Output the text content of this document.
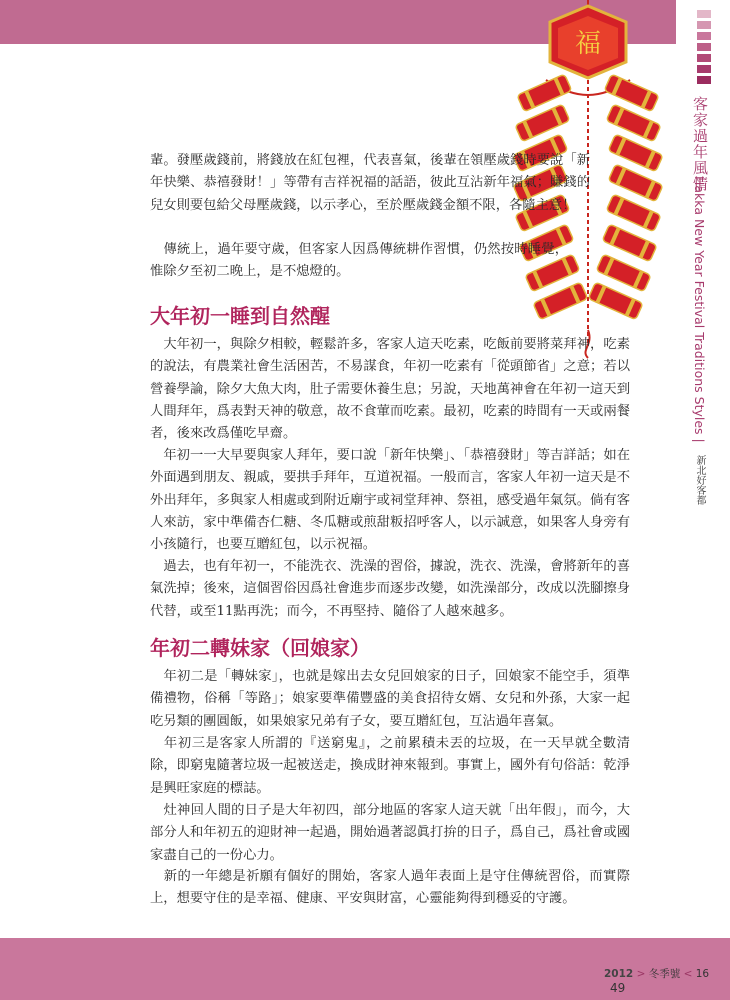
客家過年風情
Hakka New Year Festival Traditions Styles | 新北好客都
福

輩。發壓歲錢前，將錢放在紅包裡，代表喜氣，後輩在領壓歲錢時要說「新年快樂、恭禧發財！」等帶有吉祥祝福的話語，彼此互沾新年福氣；賺錢的兒女則要包給父母壓歲錢，以示孝心，至於壓歲錢金額不限，各隨主意！

　傳統上，過年要守歲，但客家人因爲傳統耕作習慣，仍然按時睡覺，惟除夕至初二晚上，是不熄燈的。

大年初一睡到自然醒

　大年初一，與除夕相較，輕鬆許多，客家人這天吃素，吃飯前要將菜拜神，吃素的說法，有農業社會生活困苦，不易謀食，年初一吃素有「從頭節省」之意；若以營養學論，除夕大魚大肉，肚子需要休養生息；另說，天地萬神會在年初一這天到人間拜年，爲表對天神的敬意，故不食葷而吃素。最初，吃素的時間有一天或兩餐者，後來改爲僅吃早齋。

　年初一一大早要與家人拜年，要口說「新年快樂」、「恭禧發財」等吉詳話；如在外面遇到朋友、親戚，要拱手拜年，互道祝福。一般而言，客家人年初一這天是不外出拜年，多與家人相處或到附近廟宇或祠堂拜神、祭祖，感受過年氣氛。倘有客人來訪，家中準備杏仁糖、冬瓜糖或煎甜粄招呼客人，以示誠意，如果客人身旁有小孩隨行，也要互贈紅包，以示祝福。

　過去，也有年初一，不能洗衣、洗澡的習俗，據說，洗衣、洗澡，會將新年的喜氣洗掉；後來，這個習俗因爲社會進步而逐步改變，如洗澡部分，改成以洗腳擦身代替，或至11點再洗；而今，不再堅持、隨俗了人越來越多。

年初二轉妹家（回娘家）

　年初二是「轉妹家」，也就是嫁出去女兒回娘家的日子，回娘家不能空手，須準備禮物，俗稱「等路」；娘家要準備豐盛的美食招待女婿、女兒和外孫，大家一起吃另類的團圓飯，如果娘家兄弟有子女，要互贈紅包，互沾過年喜氣。

　年初三是客家人所謂的『送窮鬼』，之前累積未丟的垃圾，在一天早就全數清除，即窮鬼隨著垃圾一起被送走，換成財神來報到。事實上，國外有句俗話：乾淨是興旺家庭的標誌。

　灶神回人間的日子是大年初四，部分地區的客家人這天就「出年假」，而今，大部分人和年初五的迎財神一起過，開始過著認眞打拚的日子，爲自己，爲社會或國家盡自己的一份心力。

　新的一年總是祈願有個好的開始，客家人過年表面上是守住傳統習俗，而實際上，想要守住的是幸福、健康、平安與財富，心靈能夠得到穩妥的守護。

2012 > 冬季號 < 16 49
